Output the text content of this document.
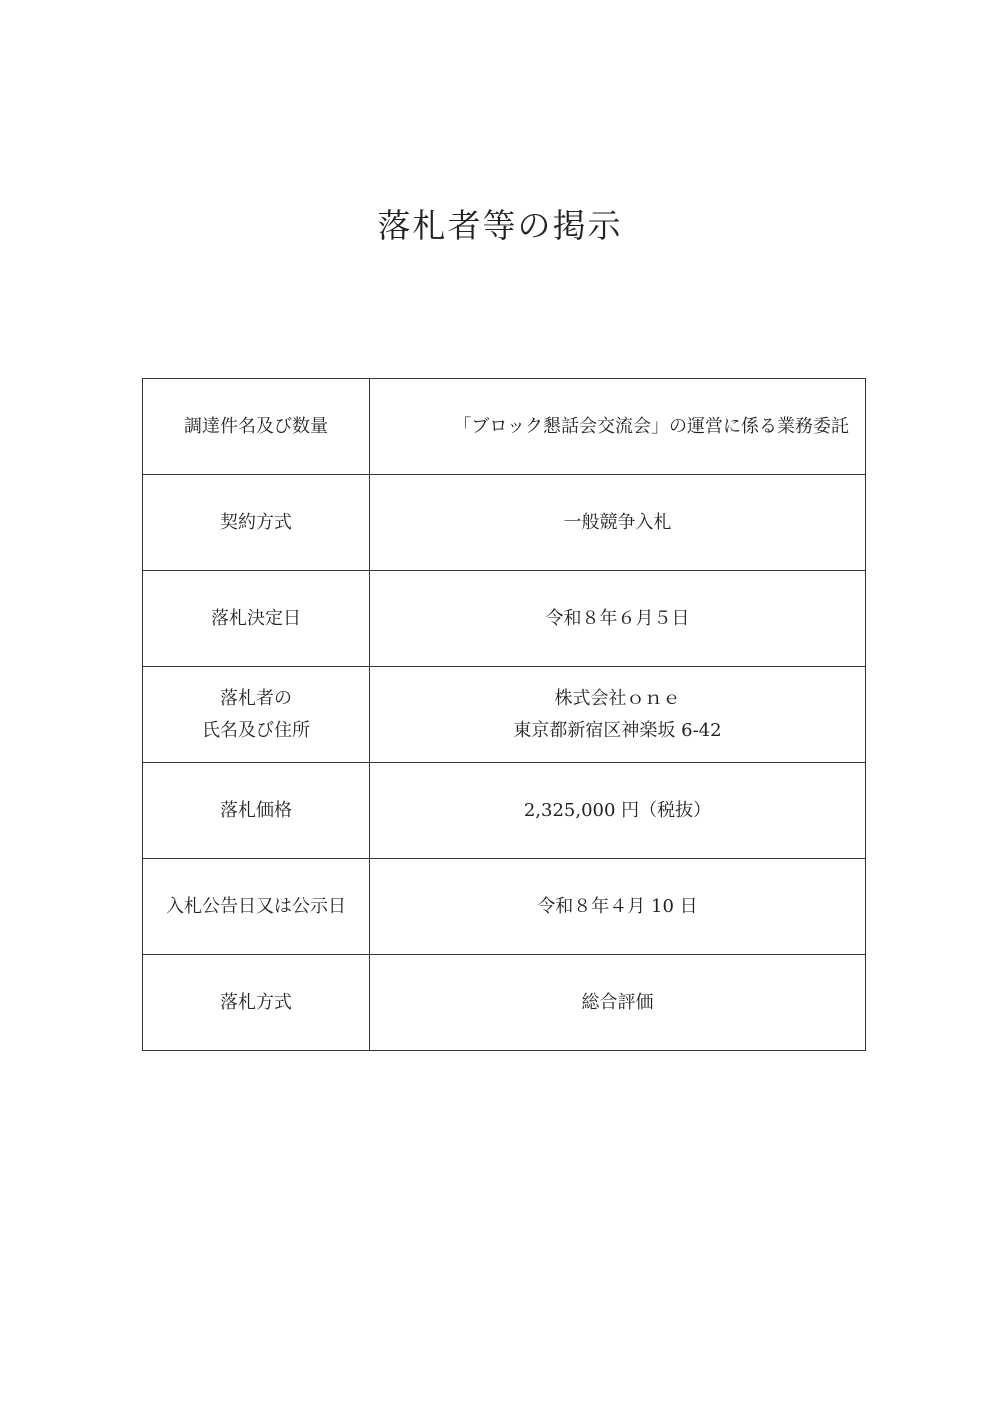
落札者等の掲示
調達件名及び数量	「ブロック懇話会交流会」の運営に係る業務委託

契約方式	一般競争入札

落札決定日	令和８年６月５日

落札者の
氏名及び住所	株式会社ｏｎｅ
東京都新宿区神楽坂 6-42

落札価格	2,325,000 円（税抜）

入札公告日又は公示日	令和８年４月 10 日

落札方式	総合評価
